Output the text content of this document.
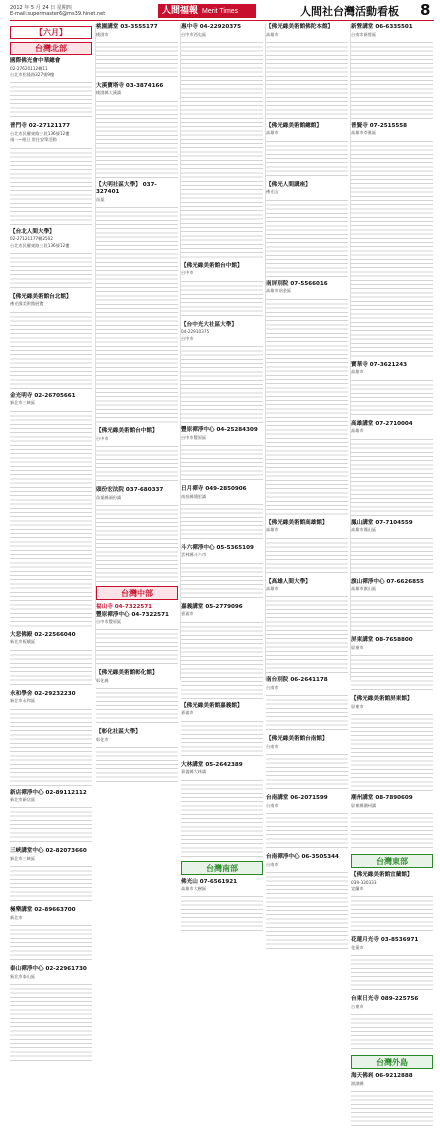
2012 年 5 月 24 日 星期四
E-mail:supermaster6@ms39.hinet.net	人間福報 Merit Times	人間社台灣活動看板 8
【六月】
台灣北部
國際佛光會中華總會
02-27620112轉11
台北市松隆路327號9樓
普門寺 02-27121177
台北市民權東路三段136號12樓
週一~週日 常住安單活動
【台北人間大學】
02-27121177轉2502
台北市民權東路三段136號12樓
【佛光緣美術館台北館】
佛光緣美術館展覽
金光明寺 02-26705661
新北市三峽區
大悲佛殿 02-22566040
新北市板橋區
永和學舍 02-29232230
新北市永和區
新店禪淨中心 02-89112112
新北市新店區
三峽講堂中心 02-82073660
新北市三峽區
極樂講堂 02-89663700
新北市
泰山禪淨中心 02-22961730
新北市泰山區
桃園講堂 03-3555177
桃園市
大溪寶塔寺 03-3874166
桃園縣大溪鎮
【大明社區大學】 037-327401
苗栗
【佛光緣美術館台中館】
台中市
頭份宏法院 037-680337
苗栗縣頭份鎮
台灣中部
福山寺 04-7322571
豐原禪淨中心 04-7322571
台中市豐原區
【佛光緣美術館彰化館】
彰化縣
【彰化社區大學】
彰化市
惠中寺 04-22920375
台中市西屯區
【佛光緣美術館台中館】
台中市
【台中光大社區大學】
04-22910375
台中市
豐原禪淨中心 04-25284309
台中市豐原區
日月禪寺 049-2850906
南投縣埔里鎮
斗六禪淨中心 05-5365109
雲林縣斗六市
嘉義講堂 05-2779096
嘉義市
【佛光緣美術館嘉義館】
嘉義市
大林講堂 05-2642389
嘉義縣大林鎮
台灣南部
佛光山 07-6561921
高雄市大樹區
【佛光緣美術館佛陀本館】
高雄市
【佛光緣美術館總館】
高雄市
【佛光人間講座】
佛光山
南屏別院 07-5566016
高雄市前金區
【佛光緣美術館高雄館】
高雄市
【高雄人間大學】
高雄市
南台別院 06-2641178
台南市
【佛光緣美術館台南館】
台南市
台南講堂 06-2071599
台南市
台南禪淨中心 06-3505344
台南市
新營講堂 06-6335501
台南市新營區
普賢寺 07-2515558
高雄市苓雅區
寶華寺 07-3621243
高雄市
高雄講堂 07-2710004
高雄市
鳳山講堂 07-7104559
高雄市鳳山區
旗山禪淨中心 07-6626855
高雄市旗山區
屏東講堂 08-7658800
屏東市
【佛光緣美術館屏東館】
屏東市
潮州講堂 08-7890609
屏東縣潮州鎮
台灣東部
【佛光緣美術館宜蘭館】
039-330333
宜蘭市
花蓮月光寺 03-8536971
花蓮市
台東日光寺 089-225756
台東市
台灣外島
海天佛剎 06-9212888
澎湖縣
